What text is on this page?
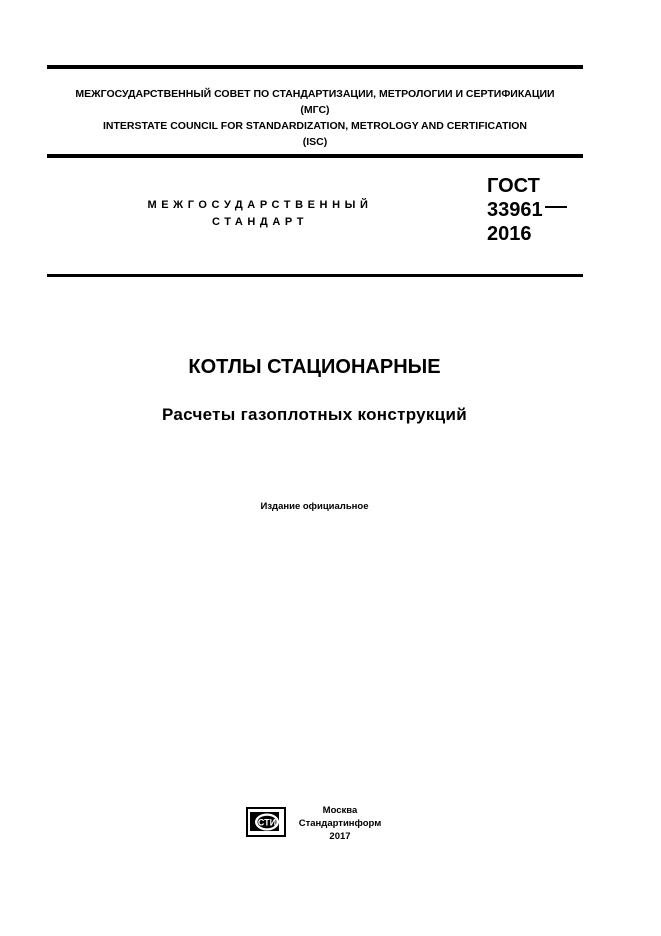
МЕЖГОСУДАРСТВЕННЫЙ СОВЕТ ПО СТАНДАРТИЗАЦИИ, МЕТРОЛОГИИ И СЕРТИФИКАЦИИ
(МГС)
INTERSTATE COUNCIL FOR STANDARDIZATION, METROLOGY AND CERTIFICATION
(ISC)
МЕЖГОСУДАРСТВЕННЫЙ
СТАНДАРТ
ГОСТ
33961
2016
КОТЛЫ СТАЦИОНАРНЫЕ
Расчеты газоплотных конструкций
Издание официальное
СТИ
Москва
Стандартинформ
2017
